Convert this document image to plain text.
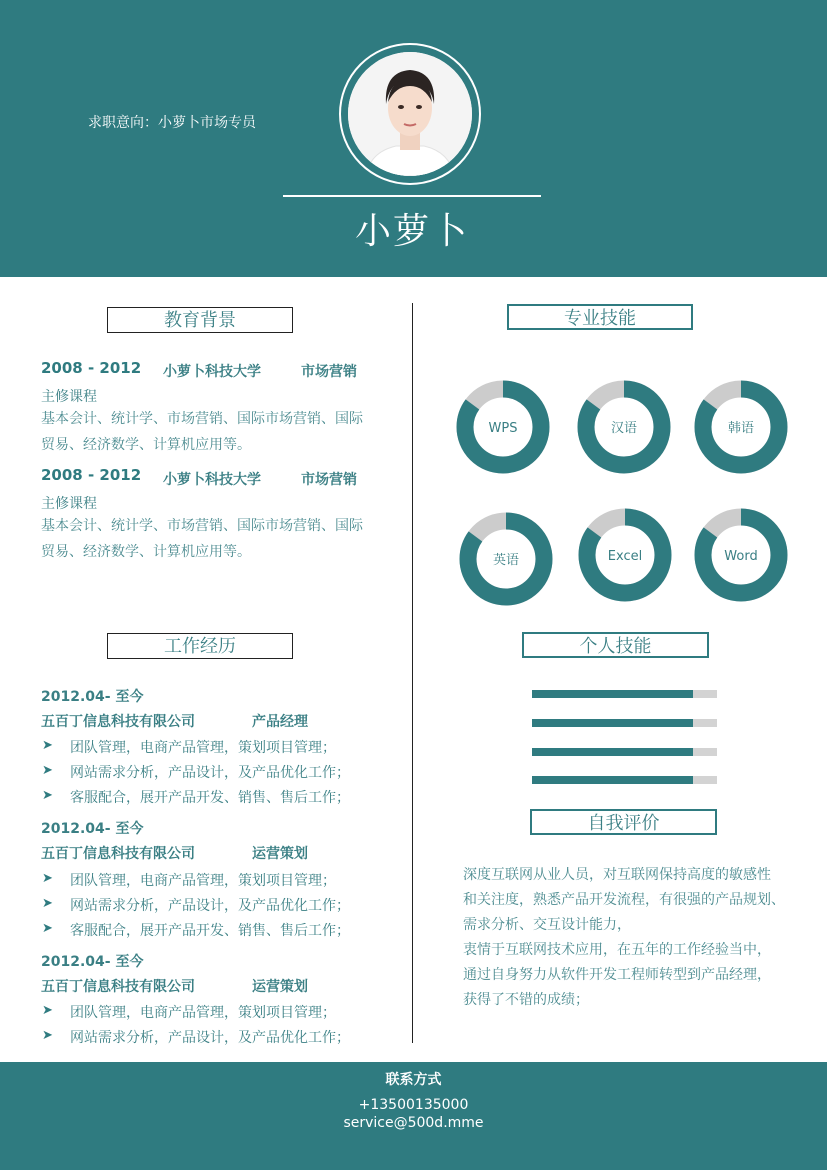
求职意向：小萝卜市场专员
小萝卜
教育背景
2008 - 2012 小萝卜科技大学	市场营销
主修课程
基本会计、统计学、市场营销、国际市场营销、国际贸易、经济数学、计算机应用等。
2008 - 2012 小萝卜科技大学	市场营销
主修课程
基本会计、统计学、市场营销、国际市场营销、国际贸易、经济数学、计算机应用等。
工作经历
2012.04- 至今
五百丁信息科技有限公司	产品经理
➤ 团队管理，电商产品管理，策划项目管理；
➤ 网站需求分析，产品设计，及产品优化工作；
➤ 客服配合，展开产品开发、销售、售后工作；
2012.04- 至今
五百丁信息科技有限公司	运营策划
➤ 团队管理，电商产品管理，策划项目管理；
➤ 网站需求分析，产品设计，及产品优化工作；
➤ 客服配合，展开产品开发、销售、售后工作；
2012.04- 至今
五百丁信息科技有限公司	运营策划
➤ 团队管理，电商产品管理，策划项目管理；
➤ 网站需求分析，产品设计，及产品优化工作；
专业技能
WPS	汉语	韩语
英语	Excel	Word
个人技能
自我评价
深度互联网从业人员，对互联网保持高度的敏感性
和关注度，熟悉产品开发流程，有很强的产品规划、
需求分析、交互设计能力，
衷情于互联网技术应用，在五年的工作经验当中，
通过自身努力从软件开发工程师转型到产品经理，
获得了不错的成绩；
联系方式
+13500135000
service@500d.mme
